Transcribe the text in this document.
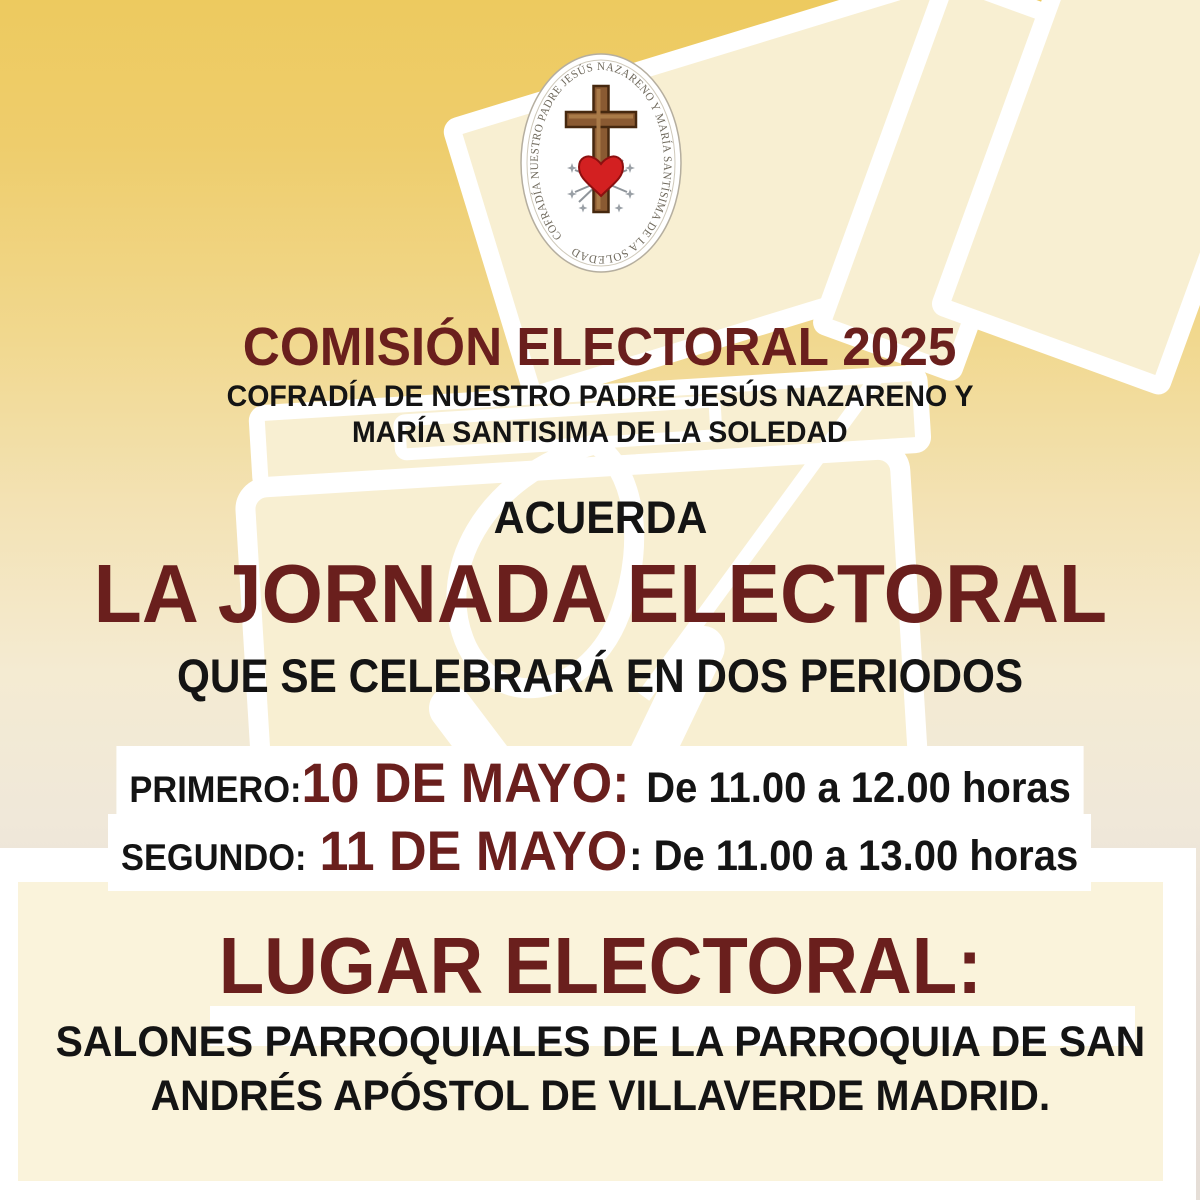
COFRADÍA NUESTRO PADRE JESÚS NAZARENO Y MARÍA SANTÍSIMA DE LA SOLEDAD
COMISIÓN ELECTORAL 2025
COFRADÍA DE NUESTRO PADRE JESÚS NAZARENO Y
MARÍA SANTISIMA DE LA SOLEDAD
ACUERDA
LA JORNADA ELECTORAL
QUE SE CELEBRARÁ EN DOS PERIODOS
PRIMERO:10 DE MAYO: De 11.00 a 12.00 horas
SEGUNDO: 11 DE MAYO: De 11.00 a 13.00 horas
LUGAR ELECTORAL:
SALONES PARROQUIALES DE LA PARROQUIA DE SAN
ANDRÉS APÓSTOL DE VILLAVERDE MADRID.
